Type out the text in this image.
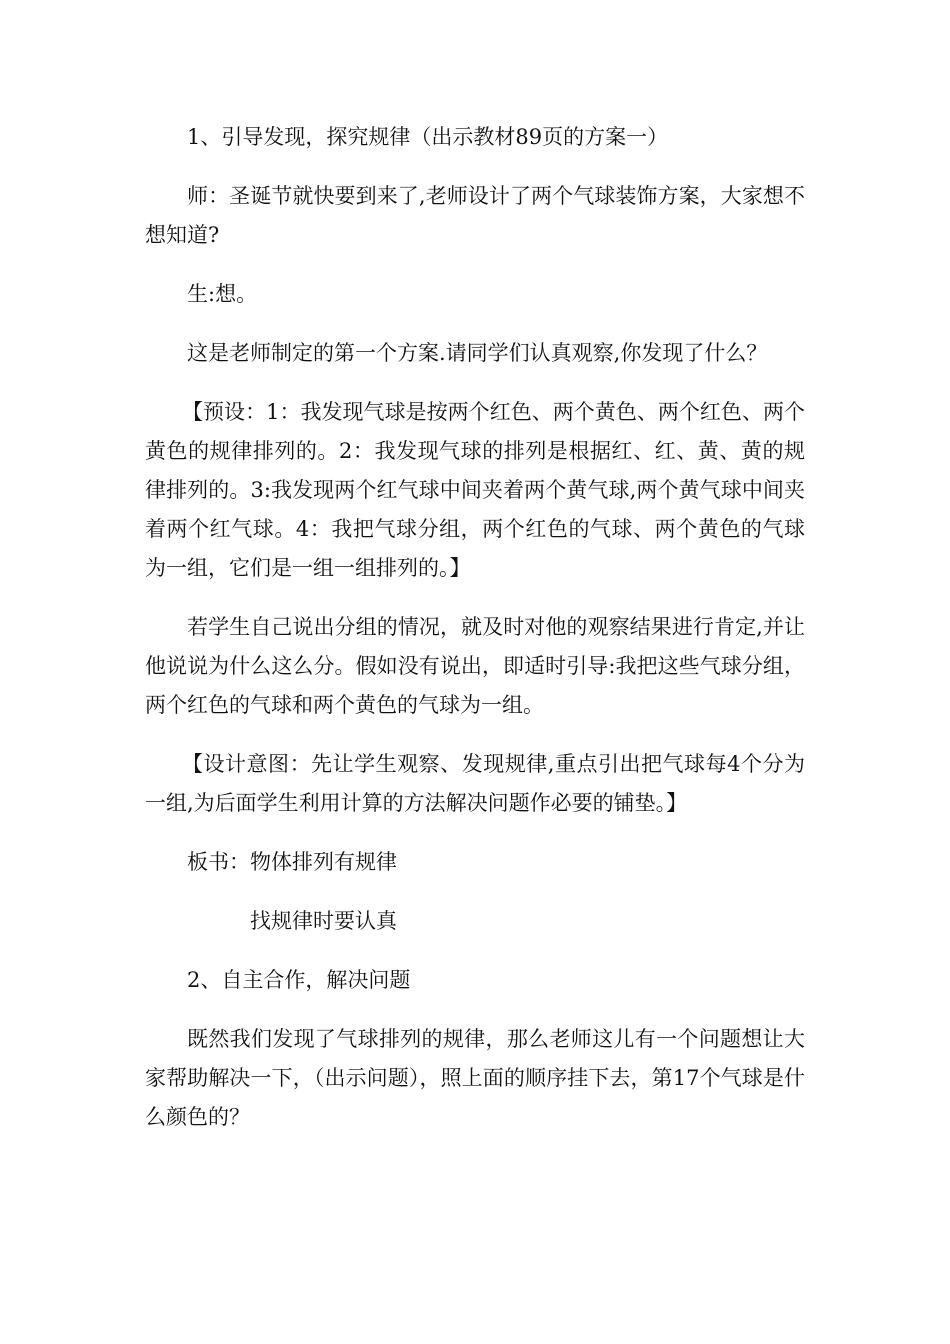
1、引导发现，探究规律（出示教材89页的方案一）

师：圣诞节就快要到来了,老师设计了两个气球装饰方案，大家想不想知道?

生:想。

这是老师制定的第一个方案.请同学们认真观察,你发现了什么？

【预设：1：我发现气球是按两个红色、两个黄色、两个红色、两个黄色的规律排列的。2：我发现气球的排列是根据红、红、黄、黄的规律排列的。3:我发现两个红气球中间夹着两个黄气球,两个黄气球中间夹着两个红气球。4：我把气球分组，两个红色的气球、两个黄色的气球为一组，它们是一组一组排列的。】

若学生自己说出分组的情况，就及时对他的观察结果进行肯定,并让他说说为什么这么分。假如没有说出，即适时引导:我把这些气球分组，两个红色的气球和两个黄色的气球为一组。

【设计意图：先让学生观察、发现规律,重点引出把气球每4个分为一组,为后面学生利用计算的方法解决问题作必要的铺垫。】

板书：物体排列有规律

找规律时要认真

2、自主合作，解决问题

既然我们发现了气球排列的规律，那么老师这儿有一个问题想让大家帮助解决一下，（出示问题），照上面的顺序挂下去，第17个气球是什么颜色的？
